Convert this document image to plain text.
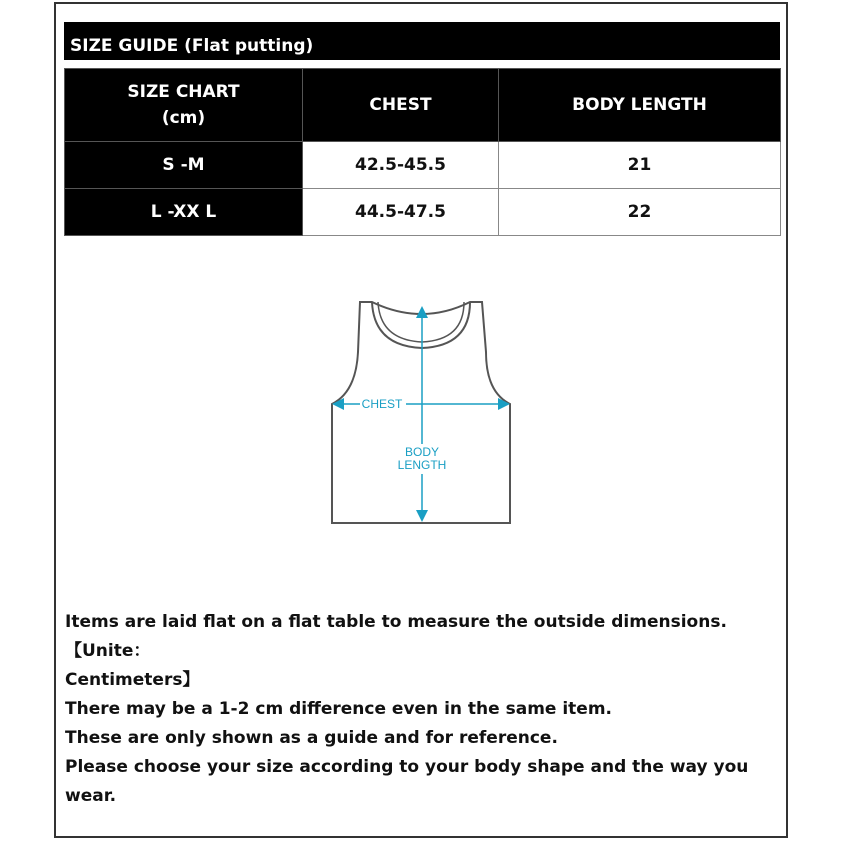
SIZE GUIDE (Flat putting)
SIZE CHART
(cm)	CHEST	BODY LENGTH
S -M	42.5-45.5	21
L -XX L	44.5-47.5	22
CHEST
BODY
LENGTH

Items are laid flat on a flat table to measure the outside dimensions.【Unite：

Centimeters】

There may be a 1-2 cm difference even in the same item.

These are only shown as a guide and for reference.

Please choose your size according to your body shape and the way you wear.
